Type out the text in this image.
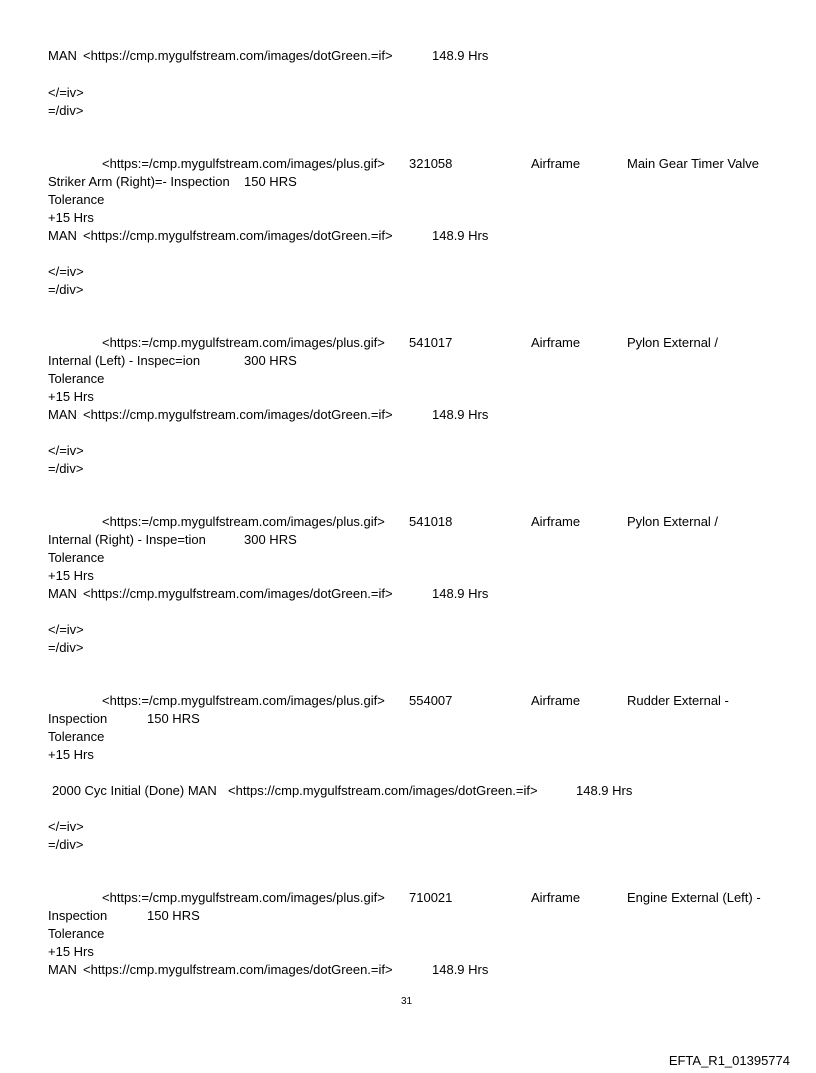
MAN <https://cmp.mygulfstream.com/images/dotGreen.=if>	148.9 Hrs
</=iv>
=/div>
<https:=/cmp.mygulfstream.com/images/plus.gif> 321058	Airframe	Main Gear Timer Valve
Striker Arm (Right)=- Inspection 150 HRS
Tolerance
+15 Hrs
MAN <https://cmp.mygulfstream.com/images/dotGreen.=if>	148.9 Hrs
</=iv>
=/div>
<https:=/cmp.mygulfstream.com/images/plus.gif> 541017	Airframe	Pylon External /
Internal (Left) - Inspec=ion	300 HRS
Tolerance
+15 Hrs
MAN <https://cmp.mygulfstream.com/images/dotGreen.=if>	148.9 Hrs
</=iv>
=/div>
<https:=/cmp.mygulfstream.com/images/plus.gif> 541018	Airframe	Pylon External /
Internal (Right) - Inspe=tion	300 HRS
Tolerance
+15 Hrs
MAN <https://cmp.mygulfstream.com/images/dotGreen.=if>	148.9 Hrs
</=iv>
=/div>
<https:=/cmp.mygulfstream.com/images/plus.gif> 554007	Airframe	Rudder External -
Inspection	150 HRS
Tolerance
+15 Hrs
2000 Cyc Initial (Done) MAN <https://cmp.mygulfstream.com/images/dotGreen.=if>	148.9 Hrs
</=iv>
=/div>
<https:=/cmp.mygulfstream.com/images/plus.gif> 710021	Airframe	Engine External (Left) -
Inspection	150 HRS
Tolerance
+15 Hrs
MAN <https://cmp.mygulfstream.com/images/dotGreen.=if>	148.9 Hrs
31
EFTA_R1_01395774
